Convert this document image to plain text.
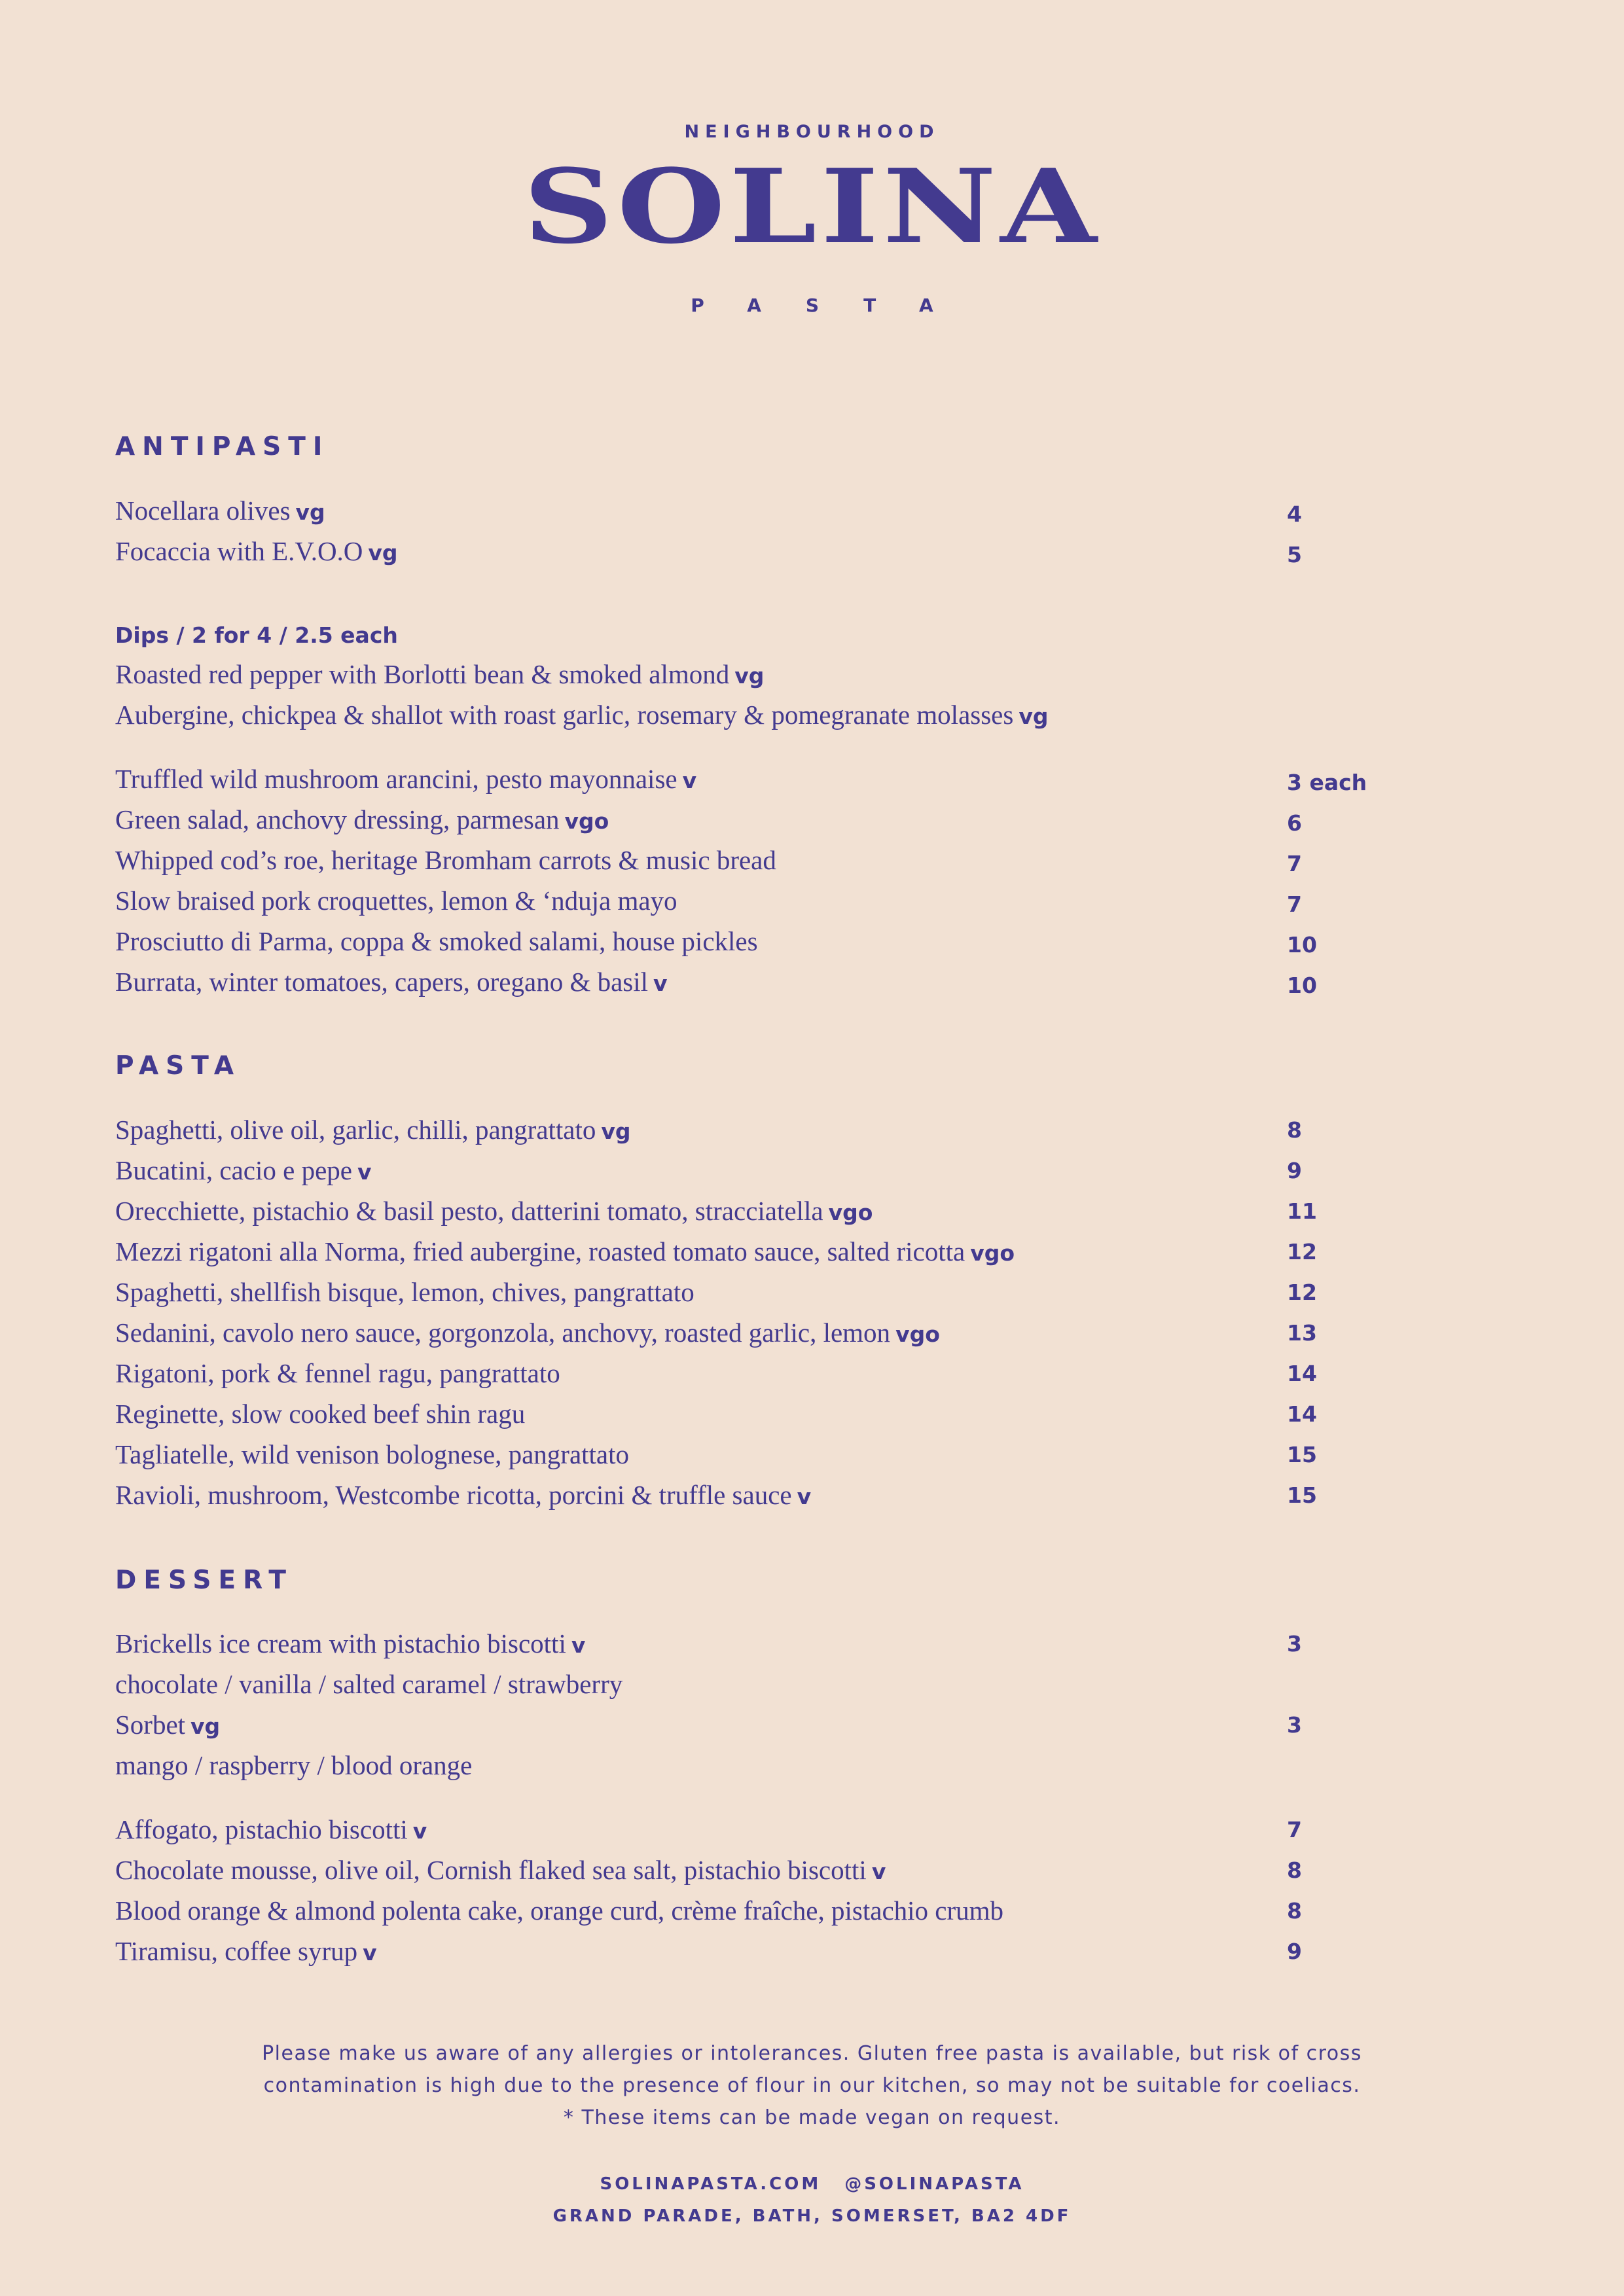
NEIGHBOURHOOD
SOLINA
PASTA
ANTIPASTI
Nocellara olives vg	4
Focaccia with E.V.O.O vg	5
Dips / 2 for 4 / 2.5 each
Roasted red pepper with Borlotti bean & smoked almond vg
Aubergine, chickpea & shallot with roast garlic, rosemary & pomegranate molasses vg
Truffled wild mushroom arancini, pesto mayonnaise v	3 each
Green salad, anchovy dressing, parmesan vgo	6
Whipped cod’s roe, heritage Bromham carrots & music bread	7
Slow braised pork croquettes, lemon & ‘nduja mayo	7
Prosciutto di Parma, coppa & smoked salami, house pickles	10
Burrata, winter tomatoes, capers, oregano & basil v	10
PASTA
Spaghetti, olive oil, garlic, chilli, pangrattato vg	8
Bucatini, cacio e pepe v	9
Orecchiette, pistachio & basil pesto, datterini tomato, stracciatella vgo	11
Mezzi rigatoni alla Norma, fried aubergine, roasted tomato sauce, salted ricotta vgo	12
Spaghetti, shellfish bisque, lemon, chives, pangrattato	12
Sedanini, cavolo nero sauce, gorgonzola, anchovy, roasted garlic, lemon vgo	13
Rigatoni, pork & fennel ragu, pangrattato	14
Reginette, slow cooked beef shin ragu	14
Tagliatelle, wild venison bolognese, pangrattato	15
Ravioli, mushroom, Westcombe ricotta, porcini & truffle sauce v	15
DESSERT
Brickells ice cream with pistachio biscotti v	3
chocolate / vanilla / salted caramel / strawberry
Sorbet vg	3
mango / raspberry / blood orange
Affogato, pistachio biscotti v	7
Chocolate mousse, olive oil, Cornish flaked sea salt, pistachio biscotti v	8
Blood orange & almond polenta cake, orange curd, crème fraîche, pistachio crumb	8
Tiramisu, coffee syrup v	9
Please make us aware of any allergies or intolerances. Gluten free pasta is available, but risk of cross
contamination is high due to the presence of flour in our kitchen, so may not be suitable for coeliacs.
* These items can be made vegan on request.
SOLINAPASTA.COM @SOLINAPASTA
GRAND PARADE, BATH, SOMERSET, BA2 4DF
